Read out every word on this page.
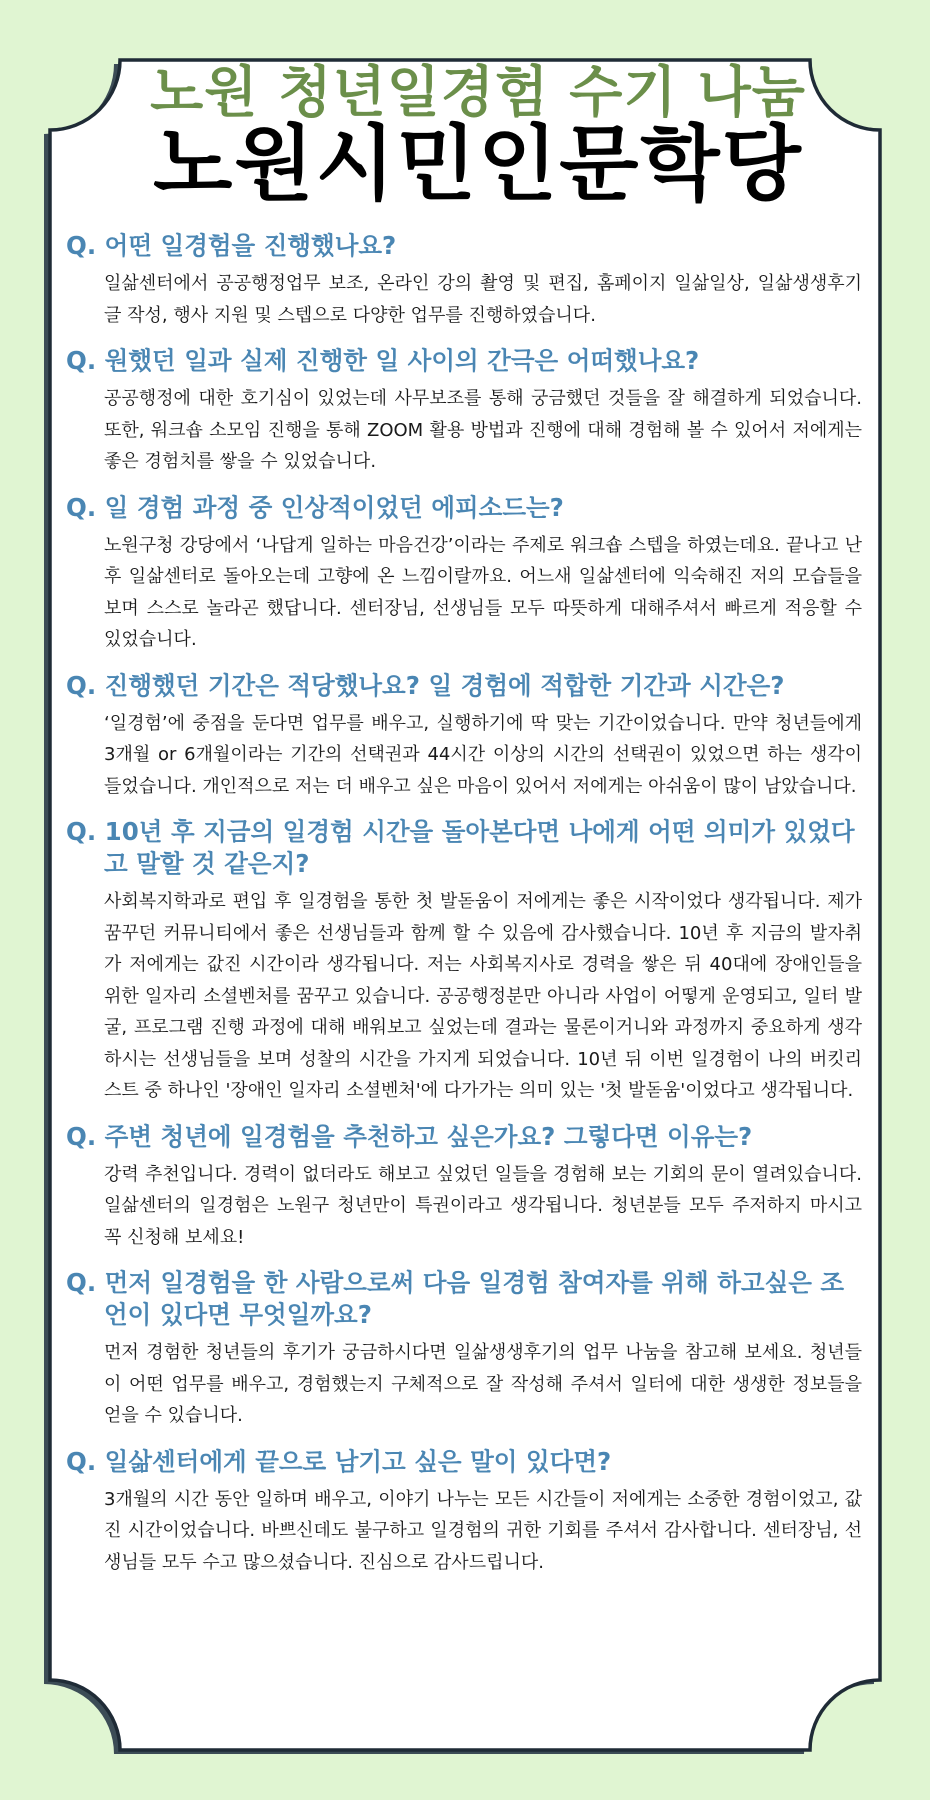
노원 청년일경험 수기 나눔
노원시민인문학당

Q. 어떤 일경험을 진행했나요?

일삶센터에서 공공행정업무 보조, 온라인 강의 촬영 및 편집, 홈페이지 일삶일상, 일삶생생후기 글 작성, 행사 지원 및 스텝으로 다양한 업무를 진행하였습니다.

Q. 원했던 일과 실제 진행한 일 사이의 간극은 어떠했나요?

공공행정에 대한 호기심이 있었는데 사무보조를 통해 궁금했던 것들을 잘 해결하게 되었습니다. 또한, 워크숍 소모임 진행을 통해 ZOOM 활용 방법과 진행에 대해 경험해 볼 수 있어서 저에게는 좋은 경험치를 쌓을 수 있었습니다.

Q. 일 경험 과정 중 인상적이었던 에피소드는?

노원구청 강당에서 ‘나답게 일하는 마음건강’이라는 주제로 워크숍 스텝을 하였는데요. 끝나고 난 후 일삶센터로 돌아오는데 고향에 온 느낌이랄까요. 어느새 일삶센터에 익숙해진 저의 모습들을 보며 스스로 놀라곤 했답니다. 센터장님, 선생님들 모두 따뜻하게 대해주셔서 빠르게 적응할 수 있었습니다.

Q. 진행했던 기간은 적당했나요? 일 경험에 적합한 기간과 시간은?

‘일경험’에 중점을 둔다면 업무를 배우고, 실행하기에 딱 맞는 기간이었습니다. 만약 청년들에게 3개월 or 6개월이라는 기간의 선택권과 44시간 이상의 시간의 선택권이 있었으면 하는 생각이 들었습니다. 개인적으로 저는 더 배우고 싶은 마음이 있어서 저에게는 아쉬움이 많이 남았습니다.

Q. 10년 후 지금의 일경험 시간을 돌아본다면 나에게 어떤 의미가 있었다고 말할 것 같은지?

사회복지학과로 편입 후 일경험을 통한 첫 발돋움이 저에게는 좋은 시작이었다 생각됩니다. 제가 꿈꾸던 커뮤니티에서 좋은 선생님들과 함께 할 수 있음에 감사했습니다. 10년 후 지금의 발자취가 저에게는 값진 시간이라 생각됩니다. 저는 사회복지사로 경력을 쌓은 뒤 40대에 장애인들을 위한 일자리 소셜벤처를 꿈꾸고 있습니다. 공공행정분만 아니라 사업이 어떻게 운영되고, 일터 발굴, 프로그램 진행 과정에 대해 배워보고 싶었는데 결과는 물론이거니와 과정까지 중요하게 생각하시는 선생님들을 보며 성찰의 시간을 가지게 되었습니다. 10년 뒤 이번 일경험이 나의 버킷리스트 중 하나인 '장애인 일자리 소셜벤처'에 다가가는 의미 있는 '첫 발돋움'이었다고 생각됩니다.

Q. 주변 청년에 일경험을 추천하고 싶은가요? 그렇다면 이유는?

강력 추천입니다. 경력이 없더라도 해보고 싶었던 일들을 경험해 보는 기회의 문이 열려있습니다. 일삶센터의 일경험은 노원구 청년만이 특권이라고 생각됩니다. 청년분들 모두 주저하지 마시고 꼭 신청해 보세요!

Q. 먼저 일경험을 한 사람으로써 다음 일경험 참여자를 위해 하고싶은 조언이 있다면 무엇일까요?

먼저 경험한 청년들의 후기가 궁금하시다면 일삶생생후기의 업무 나눔을 참고해 보세요. 청년들이 어떤 업무를 배우고, 경험했는지 구체적으로 잘 작성해 주셔서 일터에 대한 생생한 정보들을 얻을 수 있습니다.

Q. 일삶센터에게 끝으로 남기고 싶은 말이 있다면?

3개월의 시간 동안 일하며 배우고, 이야기 나누는 모든 시간들이 저에게는 소중한 경험이었고, 값진 시간이었습니다. 바쁘신데도 불구하고 일경험의 귀한 기회를 주셔서 감사합니다. 센터장님, 선생님들 모두 수고 많으셨습니다. 진심으로 감사드립니다.
